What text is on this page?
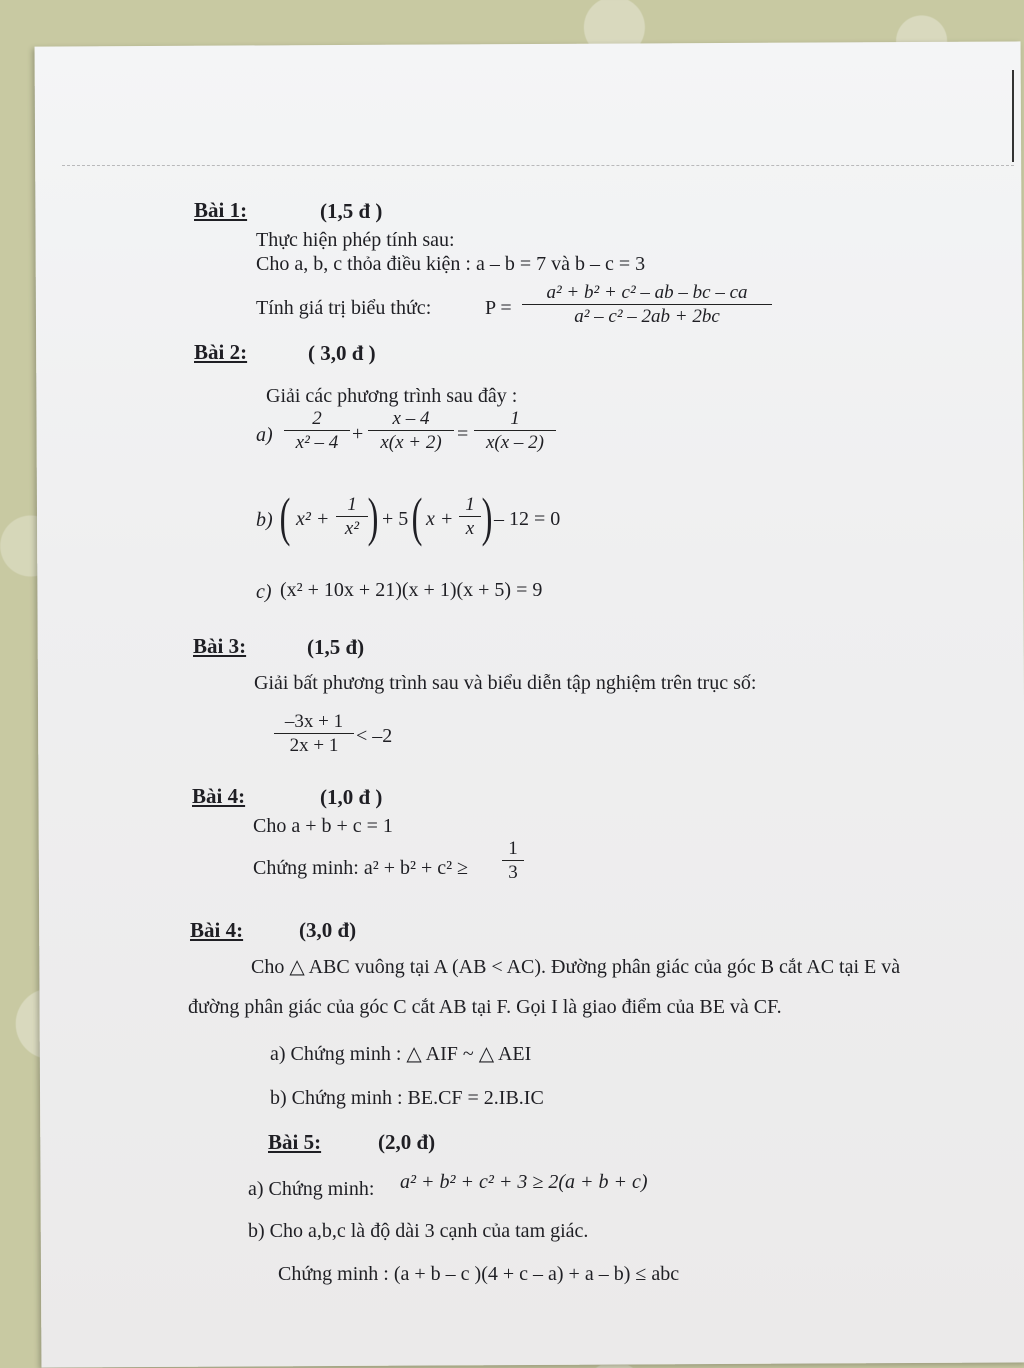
Bài 1:	(1,5 đ )
Thực hiện phép tính sau:
Cho a, b, c thỏa điều kiện : a – b = 7 và b – c = 3
Tính giá trị biểu thức:	$P = \frac{\text{a² + b² + c² – ab – bc – ca}}{\text{a² – c² – 2ab + 2bc}}$
Bài 2:	( 3,0 đ )
Giải các phương trình sau đây :
$a) \frac{2}{\text{x² – 4}} + \frac{x - 4}{x(x + 2)} = \frac{1}{x(x - 2)}$
b) ( $x^2 + \frac{1}{\text{x²}}$ ) + 5 ( $x + \frac{1}{x}$ ) – 12 = 0
c) (x² + 10x + 21)(x + 1)(x + 5) = 9
Bài 3:	(1,5 đ)
Giải bất phương trình sau và biểu diễn tập nghiệm trên trục số:
$\frac{-3x + 1}{2x + 1} < -2$
Bài 4:	(1,0 đ )
Cho a + b + c = 1
Chứng minh: $a^2 + b^2 + c^2 \ge \frac{1}{3}$
Bài 4:	(3,0 đ)
Cho △ ABC vuông tại A (AB < AC). Đường phân giác của góc B cắt AC tại E và
đường phân giác của góc C cắt AB tại F. Gọi I là giao điểm của BE và CF.
a) Chứng minh : △ AIF ~ △ AEI
b) Chứng minh : BE.CF = 2.IB.IC
Bài 5:	(2,0 đ)
a) Chứng minh: a² + b² + c² + 3 ≥ 2(a + b + c)
b) Cho a,b,c là độ dài 3 cạnh của tam giác.
Chứng minh : (a + b – c )(4 + c – a) + a – b) ≤ abc
